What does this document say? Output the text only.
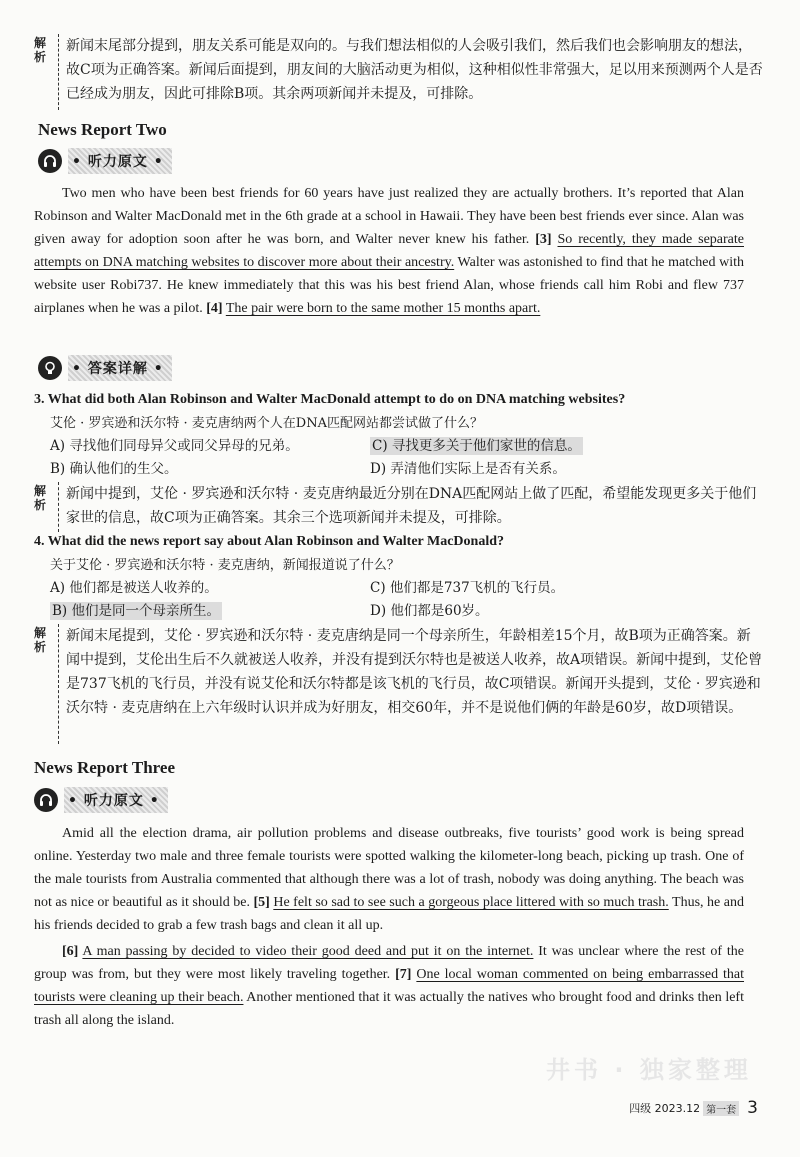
解
析

新闻末尾部分提到，朋友关系可能是双向的。与我们想法相似的人会吸引我们，然后我们也会影响朋友的想法，故C项为正确答案。新闻后面提到，朋友间的大脑活动更为相似，这种相似性非常强大，足以用来预测两个人是否已经成为朋友，因此可排除B项。其余两项新闻并未提及，可排除。

News Report Two
• 听力原文 •

Two men who have been best friends for 60 years have just realized they are actually brothers. It’s reported that Alan Robinson and Walter MacDonald met in the 6th grade at a school in Hawaii. They have been best friends ever since. Alan was given away for adoption soon after he was born, and Walter never knew his father. [3] So recently, they made separate attempts on DNA matching websites to discover more about their ancestry. Walter was astonished to find that he matched with website user Robi737. He knew immediately that this was his best friend Alan, whose friends call him Robi and flew 737 airplanes when he was a pilot. [4] The pair were born to the same mother 15 months apart.

• 答案详解 •
3. What did both Alan Robinson and Walter MacDonald attempt to do on DNA matching websites?
艾伦 · 罗宾逊和沃尔特 · 麦克唐纳两个人在DNA匹配网站都尝试做了什么？
A) 寻找他们同母异父或同父异母的兄弟。	C) 寻找更多关于他们家世的信息。
B) 确认他们的生父。	D) 弄清他们实际上是否有关系。
解
析

新闻中提到，艾伦 · 罗宾逊和沃尔特 · 麦克唐纳最近分别在DNA匹配网站上做了匹配，希望能发现更多关于他们家世的信息，故C项为正确答案。其余三个选项新闻并未提及，可排除。

4. What did the news report say about Alan Robinson and Walter MacDonald?
关于艾伦 · 罗宾逊和沃尔特 · 麦克唐纳，新闻报道说了什么？
A) 他们都是被送人收养的。	C) 他们都是737飞机的飞行员。
B) 他们是同一个母亲所生。	D) 他们都是60岁。
解
析

新闻末尾提到，艾伦 · 罗宾逊和沃尔特 · 麦克唐纳是同一个母亲所生，年龄相差15个月，故B项为正确答案。新闻中提到，艾伦出生后不久就被送人收养，并没有提到沃尔特也是被送人收养，故A项错误。新闻中提到，艾伦曾是737飞机的飞行员，并没有说艾伦和沃尔特都是该飞机的飞行员，故C项错误。新闻开头提到，艾伦 · 罗宾逊和沃尔特 · 麦克唐纳在上六年级时认识并成为好朋友，相交60年，并不是说他们俩的年龄是60岁，故D项错误。

News Report Three
• 听力原文 •

Amid all the election drama, air pollution problems and disease outbreaks, five tourists’ good work is being spread online. Yesterday two male and three female tourists were spotted walking the kilometer-long beach, picking up trash. One of the male tourists from Australia commented that although there was a lot of trash, nobody was doing anything. The beach was not as nice or beautiful as it should be. [5] He felt so sad to see such a gorgeous place littered with so much trash. Thus, he and his friends decided to grab a few trash bags and clean it all up.

[6] A man passing by decided to video their good deed and put it on the internet. It was unclear where the rest of the group was from, but they were most likely traveling together. [7] One local woman commented on being embarrassed that tourists were cleaning up their beach. Another mentioned that it was actually the natives who brought food and drinks then left trash all along the island.

井书 · 独家整理
四级 2023.12 第一套 3
